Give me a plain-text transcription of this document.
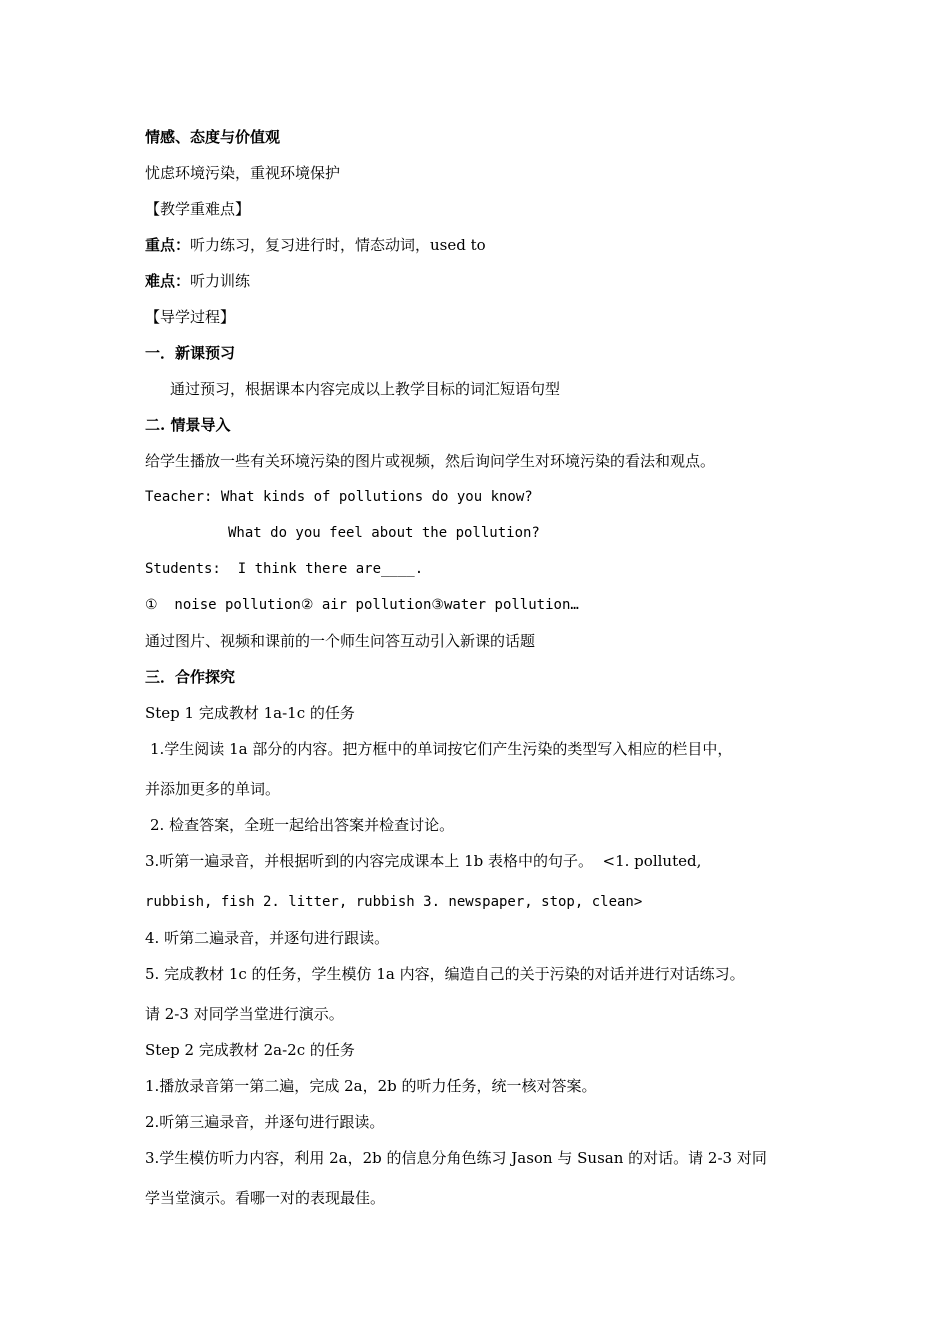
情感、态度与价值观
忧虑环境污染，重视环境保护
【教学重难点】
重点：听力练习，复习进行时，情态动词，used to
难点：听力训练
【导学过程】
一．新课预习
通过预习，根据课本内容完成以上教学目标的词汇短语句型
二. 情景导入
给学生播放一些有关环境污染的图片或视频，然后询问学生对环境污染的看法和观点。
Teacher: What kinds of pollutions do you know?
What do you feel about the pollution?
Students:  I think there are____.
①  noise pollution② air pollution③water pollution…
通过图片、视频和课前的一个师生问答互动引入新课的话题
三．合作探究
Step 1 完成教材 1a-1c 的任务
1.学生阅读 1a 部分的内容。把方框中的单词按它们产生污染的类型写入相应的栏目中，
并添加更多的单词。
2. 检查答案，全班一起给出答案并检查讨论。
3.听第一遍录音，并根据听到的内容完成课本上 1b 表格中的句子。  <1. polluted,
rubbish, fish 2. litter, rubbish 3. newspaper, stop, clean>
4. 听第二遍录音，并逐句进行跟读。
5. 完成教材 1c 的任务，学生模仿 1a 内容，编造自己的关于污染的对话并进行对话练习。
请 2-3 对同学当堂进行演示。
Step 2 完成教材 2a-2c 的任务
1.播放录音第一第二遍，完成 2a，2b 的听力任务，统一核对答案。
2.听第三遍录音，并逐句进行跟读。
3.学生模仿听力内容，利用 2a，2b 的信息分角色练习 Jason 与 Susan 的对话。请 2-3 对同
学当堂演示。看哪一对的表现最佳。
